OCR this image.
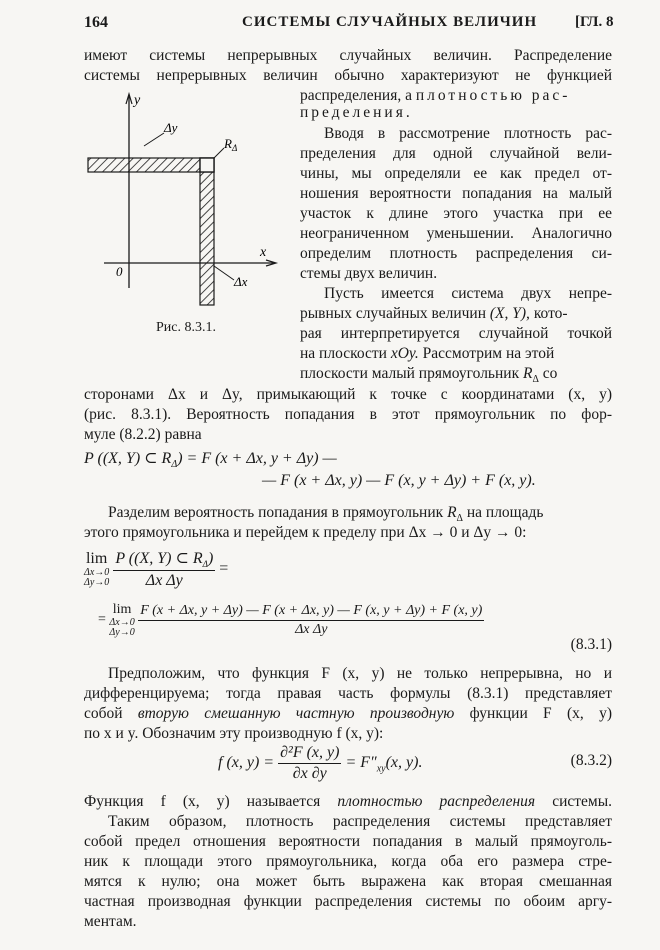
164	СИСТЕМЫ СЛУЧАЙНЫХ ВЕЛИЧИН	[ГЛ. 8
имеют системы непрерывных случайных величин. Распределение
системы непрерывных величин обычно характеризуют не функцией
y
x
0
Δy
Δx
$R_\Delta$
Рис. 8.3.1.
распределения, а плотностью рас-
пределения.
Вводя в рассмотрение плотность рас-
пределения для одной случайной вели-
чины, мы определяли ее как предел от-
ношения вероятности попадания на малый
участок к длине этого участка при ее
неограниченном уменьшении. Аналогично
определим плотность распределения си-
стемы двух величин.
Пусть имеется система двух непре-
рывных случайных величин (X, Y), кото-
рая интерпретируется случайной точкой
на плоскости xOy. Рассмотрим на этой
плоскости малый прямоугольник $R_\Delta$ со
сторонами Δx и Δy, примыкающий к точке с координатами (x, y)
(рис. 8.3.1). Вероятность попадания в этот прямоугольник по фор-
муле (8.2.2) равна
P ((X, Y) ⊂ $R_\Delta) = F$ (x + Δx, y + Δy) —
— F (x + Δx, y) — F (x, y + Δy) + F (x, y).
Разделим вероятность попадания в прямоугольник $R_\Delta$ на площадь
этого прямоугольника и перейдем к пределу при Δx → 0 и Δy → 0:
lim
Δx→0
Δy→0
$\frac{P ((X, Y) \subset R_\Delta)}{\text{Δx Δy}}$ =
= lim
Δx→0
Δy→0

F (x + Δx, y + Δy) — F (x + Δx, y) — F (x, y + Δy) + F (x, y)
Δx Δy
(8.3.1)
Предположим, что функция F (x, y) не только непрерывна, но и
дифференцируема; тогда правая часть формулы (8.3.1) представляет
собой вторую смешанную частную производную функции F (x, y)
по x и y. Обозначим эту производную f (x, y):
f (x, $y) = \frac{\text{∂²F (x, y)}}{\partial x \partial y} = F''_{xy}(x$, y).	(8.3.2)
Функция f (x, y) называется плотностью распределения системы.
Таким образом, плотность распределения системы представляет
собой предел отношения вероятности попадания в малый прямоуголь-
ник к площади этого прямоугольника, когда оба его размера стре-
мятся к нулю; она может быть выражена как вторая смешанная
частная производная функции распределения системы по обоим аргу-
ментам.
